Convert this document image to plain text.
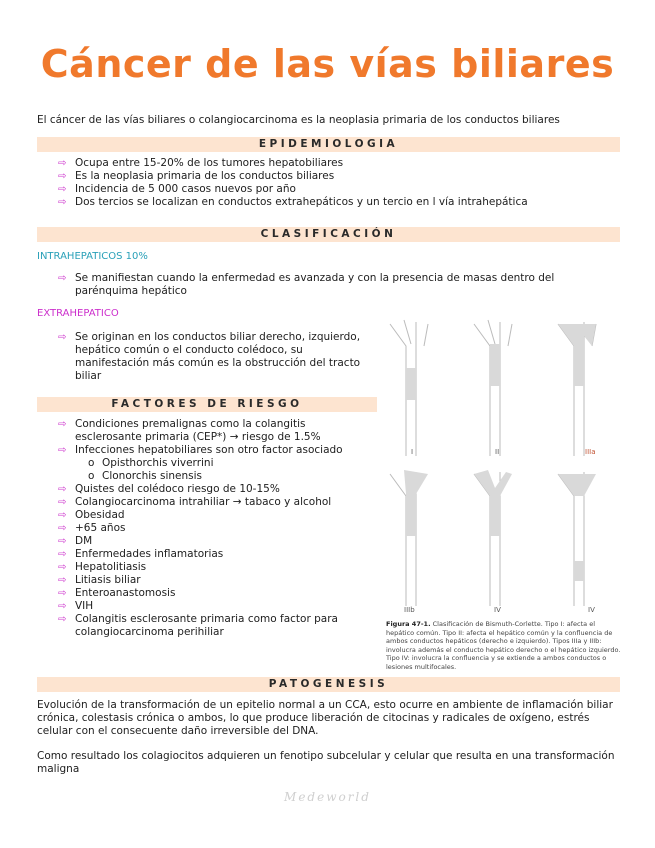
Cáncer de las vías biliares
El cáncer de las vías biliares o colangiocarcinoma es la neoplasia primaria de los conductos biliares
EPIDEMIOLOGIA
⇨ Ocupa entre 15-20% de los tumores hepatobiliares
⇨ Es la neoplasia primaria de los conductos biliares
⇨ Incidencia de 5 000 casos nuevos por año
⇨ Dos tercios se localizan en conductos extrahepáticos y un tercio en l vía intrahepática
CLASIFICACIÓN
INTRAHEPATICOS 10%
⇨ Se manifiestan cuando la enfermedad es avanzada y con la presencia de masas dentro del parénquima hepático
EXTRAHEPATICO
⇨ Se originan en los conductos biliar derecho, izquierdo, hepático común o el conducto colédoco, su manifestación más común es la obstrucción del tracto biliar
FACTORES DE RIESGO
⇨ Condiciones premalignas como la colangitis esclerosante primaria (CEP*) → riesgo de 1.5%
⇨ Infecciones hepatobiliares son otro factor asociado
o Opisthorchis viverrini
o Clonorchis sinensis
⇨ Quistes del colédoco riesgo de 10-15%
⇨ Colangiocarcinoma intrahiliar → tabaco y alcohol
⇨ Obesidad
⇨ +65 años
⇨ DM
⇨ Enfermedades inflamatorias
⇨ Hepatolitiasis
⇨ Litiasis biliar
⇨ Enteroanastomosis
⇨ VIH
⇨ Colangitis esclerosante primaria como factor para colangiocarcinoma perihiliar
I	II	IIIa
IIIb	IV	IV
Figura 47-1. Clasificación de Bismuth-Corlette. Tipo I: afecta el hepático común. Tipo II: afecta el hepático común y la confluencia de ambos conductos hepáticos (derecho e izquierdo). Tipos IIIa y IIIb: involucra además el conducto hepático derecho o el hepático izquierdo. Tipo IV: involucra la confluencia y se extiende a ambos conductos o lesiones multifocales.
PATOGENESIS
Evolución de la transformación de un epitelio normal a un CCA, esto ocurre en ambiente de inflamación biliar crónica, colestasis crónica o ambos, lo que produce liberación de citocinas y radicales de oxígeno, estrés celular con el consecuente daño irreversible del DNA.
Como resultado los colagiocitos adquieren un fenotipo subcelular y celular que resulta en una transformación maligna
Medeworld
